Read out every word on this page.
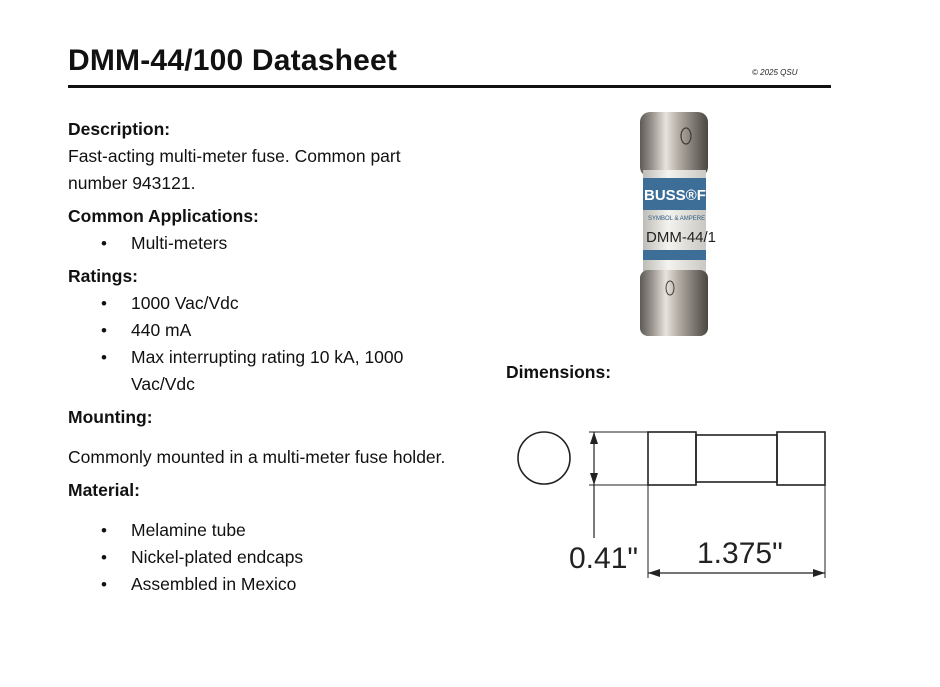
DMM-44/100 Datasheet	© 2025 QSU
Description:
Fast-acting multi-meter fuse. Common part number 943121.
Common Applications:
• Multi-meters
Ratings:
• 1000 Vac/Vdc
• 440 mA
• Max interrupting rating 10 kA, 1000 Vac/Vdc
Mounting:
Commonly mounted in a multi-meter fuse holder.
Material:
• Melamine tube
• Nickel-plated endcaps
• Assembled in Mexico
Dimensions:
BUSS®FUSE
SYMBOL & AMPERE
DMM-44/1
0.41" 1.375"
